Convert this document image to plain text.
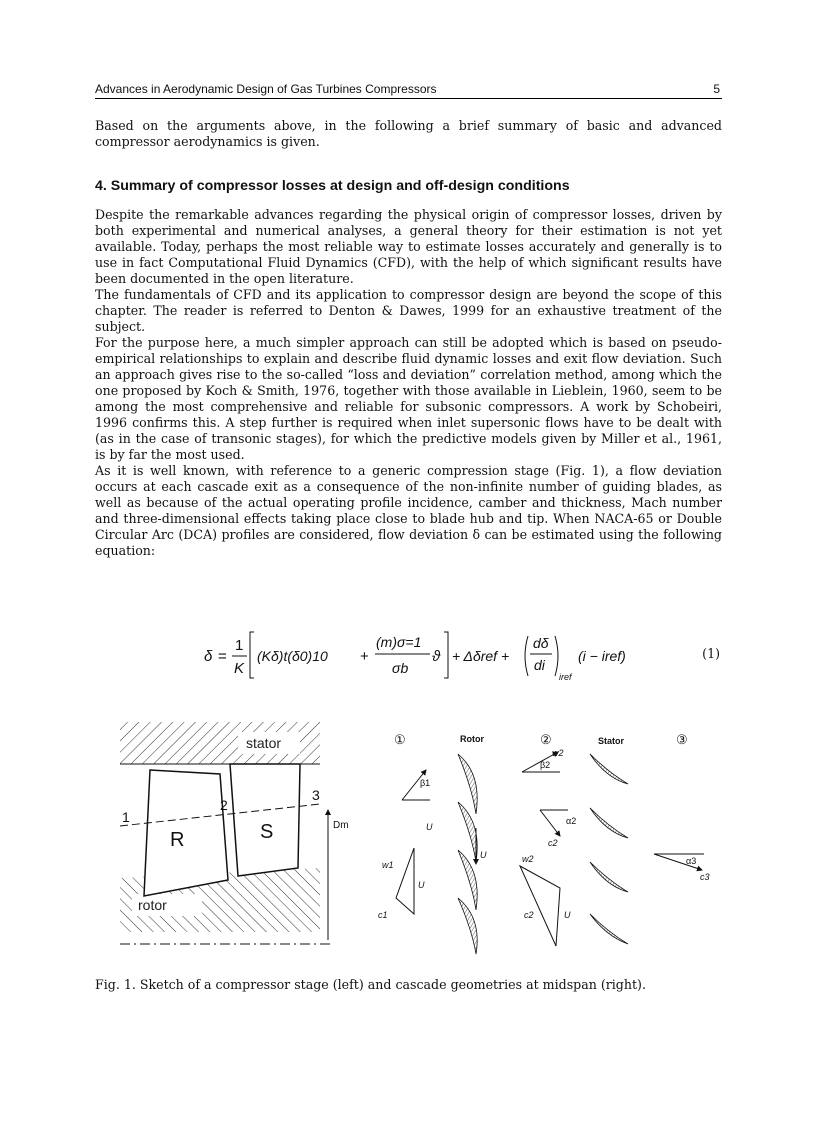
Advances in Aerodynamic Design of Gas Turbines Compressors	5

Based on the arguments above, in the following a brief summary of basic and advanced compressor aerodynamics is given.

4. Summary of compressor losses at design and off-design conditions

Despite the remarkable advances regarding the physical origin of compressor losses, driven by both experimental and numerical analyses, a general theory for their estimation is not yet available. Today, perhaps the most reliable way to estimate losses accurately and generally is to use in fact Computational Fluid Dynamics (CFD), with the help of which significant results have been documented in the open literature.

The fundamentals of CFD and its application to compressor design are beyond the scope of this chapter. The reader is referred to Denton & Dawes, 1999 for an exhaustive treatment of the subject.

For the purpose here, a much simpler approach can still be adopted which is based on pseudo-empirical relationships to explain and describe fluid dynamic losses and exit flow deviation. Such an approach gives rise to the so-called “loss and deviation” correlation method, among which the one proposed by Koch & Smith, 1976, together with those available in Lieblein, 1960, seem to be among the most comprehensive and reliable for subsonic compressors. A work by Schobeiri, 1996 confirms this. A step further is required when inlet supersonic flows have to be dealt with (as in the case of transonic stages), for which the predictive models given by Miller et al., 1961, is by far the most used.

As it is well known, with reference to a generic compression stage (Fig. 1), a flow deviation occurs at each cascade exit as a consequence of the non-infinite number of guiding blades, as well as because of the actual operating profile incidence, camber and thickness, Mach number and three-dimensional effects taking place close to blade hub and tip. When NACA-65 or Double Circular Arc (DCA) profiles are considered, flow deviation δ can be estimated using the following equation:

δ =
1
K
(Kδ)t(δ0)10 +
(m)σ=1
σb
ϑ + Δδref +
dδ
di
iref
(i − iref)	(1)
stator
rotor
1
2
3
R	S	Dm
①	②	③
Rotor	Stator
U
β1
w1
U
c1
w2
β2
α2
c2
w2
U
c2
U
α3
c3

Fig. 1. Sketch of a compressor stage (left) and cascade geometries at midspan (right).
